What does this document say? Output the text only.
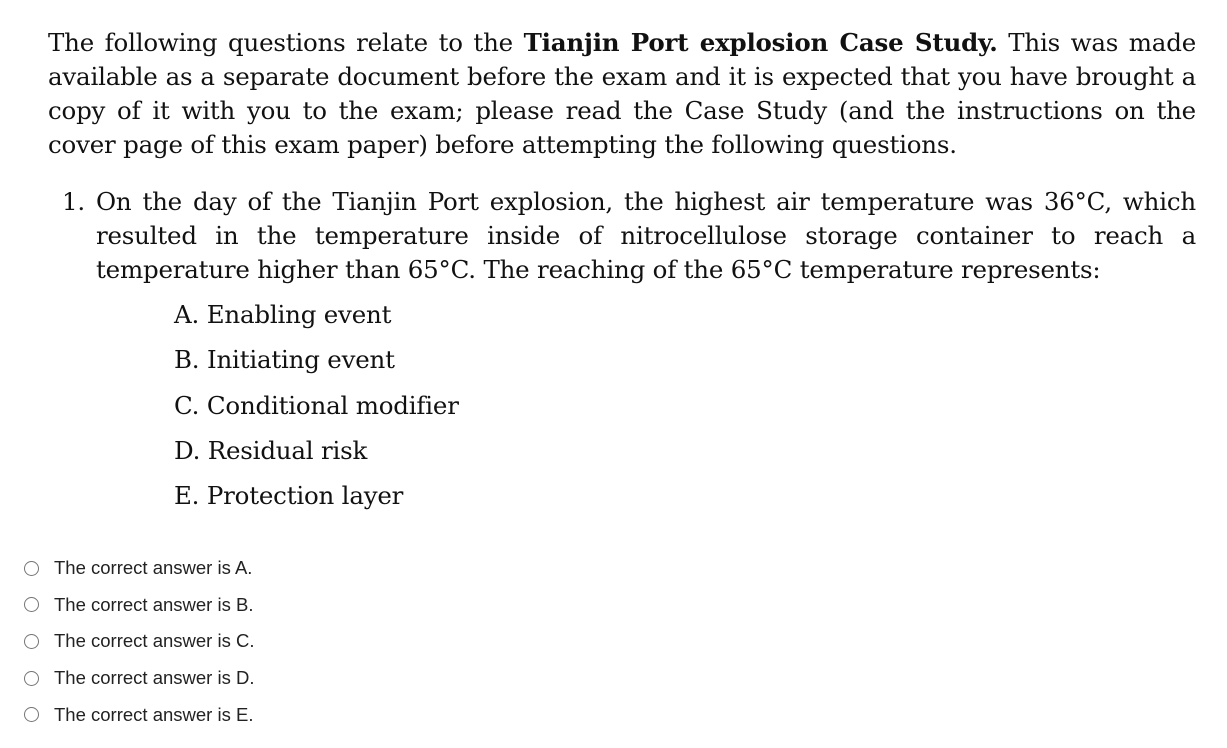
The following questions relate to the Tianjin Port explosion Case Study. This was made available as a separate document before the exam and it is expected that you have brought a copy of it with you to the exam; please read the Case Study (and the instructions on the cover page of this exam paper) before attempting the following questions.
1. On the day of the Tianjin Port explosion, the highest air temperature was 36°C, which resulted in the temperature inside of nitrocellulose storage container to reach a temperature higher than 65°C. The reaching of the 65°C temperature represents:
A. Enabling event
B. Initiating event
C. Conditional modifier
D. Residual risk
E. Protection layer
The correct answer is A.
The correct answer is B.
The correct answer is C.
The correct answer is D.
The correct answer is E.
